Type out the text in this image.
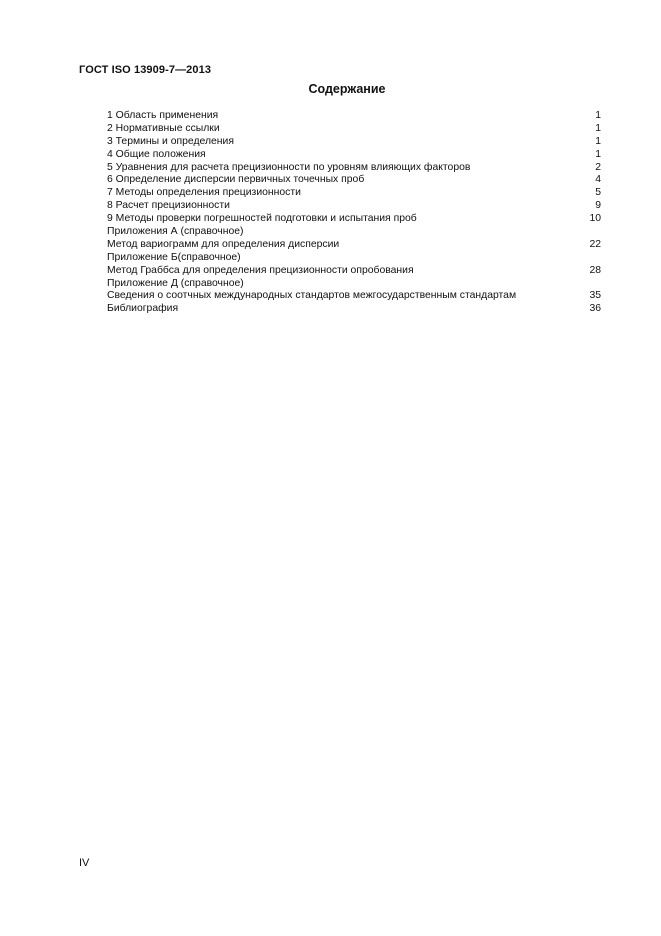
ГОСТ ISO 13909-7—2013
Содержание
1 Область применения	1
2 Нормативные ссылки	1
3 Термины и определения	1
4 Общие положения	1
5 Уравнения для расчета прецизионности по уровням влияющих факторов	2
6 Определение дисперсии первичных точечных проб	4
7 Методы определения прецизионности	5
8 Расчет прецизионности	9
9 Методы проверки погрешностей подготовки и испытания проб	10
Приложения А (справочное)
Метод вариограмм для определения дисперсии	22
Приложение Б(справочное)
Метод Граббса для определения прецизионности опробования	28
Приложение Д (справочное)
Сведения о соотчных международных стандартов межгосударственным стандартам	35
Библиография	36
IV
